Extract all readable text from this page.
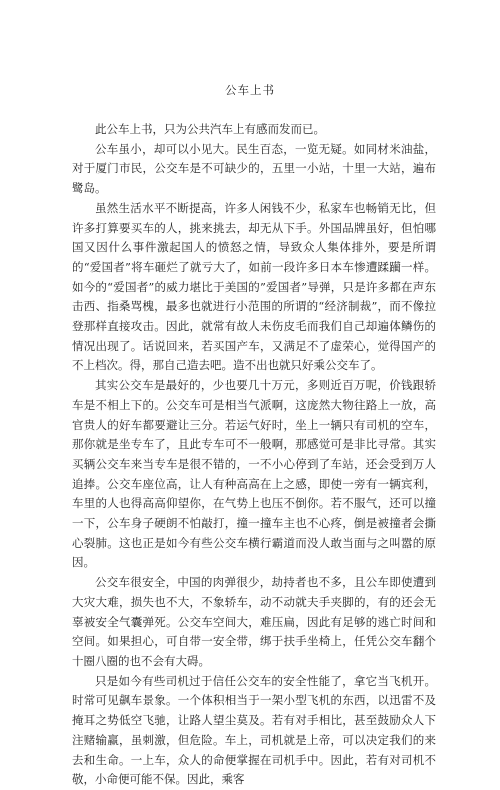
公车上书

此公车上书，只为公共汽车上有感而发而已。

公车虽小，却可以小见大。民生百态，一览无疑。如同材米油盐，对于厦门市民，公交车是不可缺少的，五里一小站，十里一大站，遍布鹭岛。

虽然生活水平不断提高，许多人闲钱不少，私家车也畅销无比，但许多打算要买车的人，挑来挑去，却无从下手。外国品牌虽好，但怕哪国又因什么事件激起国人的愤怒之情，导致众人集体排外，要是所谓的“爱国者”将车砸烂了就亏大了，如前一段许多日本车惨遭蹂躏一样。如今的“爱国者”的威力堪比于美国的”爱国者”导弹，只是许多都在声东击西、指桑骂槐，最多也就进行小范围的所谓的“经济制裁”，而不像拉登那样直接攻击。因此，就常有故人未伤皮毛而我们自己却遍体鳞伤的情况出现了。话说回来，若买国产车，又满足不了虚荣心，觉得国产的不上档次。得，那自己造去吧。造不出也就只好乘公交车了。

其实公交车是最好的，少也要几十万元，多则近百万呢，价钱跟轿车是不相上下的。公交车可是相当气派啊，这庞然大物往路上一放，高官贵人的好车都要避让三分。若运气好时，坐上一辆只有司机的空车，那你就是坐专车了，且此专车可不一般啊，那感觉可是非比寻常。其实买辆公交车来当专车是很不错的，一不小心停到了车站，还会受到万人追捧。公交车座位高，让人有种高高在上之感，即使一旁有一辆宾利，车里的人也得高高仰望你，在气势上也压不倒你。若不服气，还可以撞一下，公车身子硬朗不怕敲打，撞一撞车主也不心疼，倒是被撞者会撕心裂肺。这也正是如今有些公交车横行霸道而没人敢当面与之叫嚣的原因。

公交车很安全，中国的肉弹很少，劫持者也不多，且公车即使遭到大灾大难，损失也不大，不象轿车，动不动就夫手夹脚的，有的还会无辜被安全气囊弹死。公交车空间大，难压扁，因此有足够的逃亡时间和空间。如果担心，可自带一安全带，绑于扶手坐椅上，任凭公交车翻个十圈八圈的也不会有大碍。

只是如今有些司机过于信任公交车的安全性能了，拿它当飞机开。时常可见飙车景象。一个体积相当于一架小型飞机的东西，以迅雷不及掩耳之势低空飞驰，让路人望尘莫及。若有对手相比，甚至鼓励众人下注赌输赢，虽刺激，但危险。车上，司机就是上帝，可以决定我们的来去和生命。一上车，众人的命便掌握在司机手中。因此，若有对司机不敬，小命便可能不保。因此，乘客
